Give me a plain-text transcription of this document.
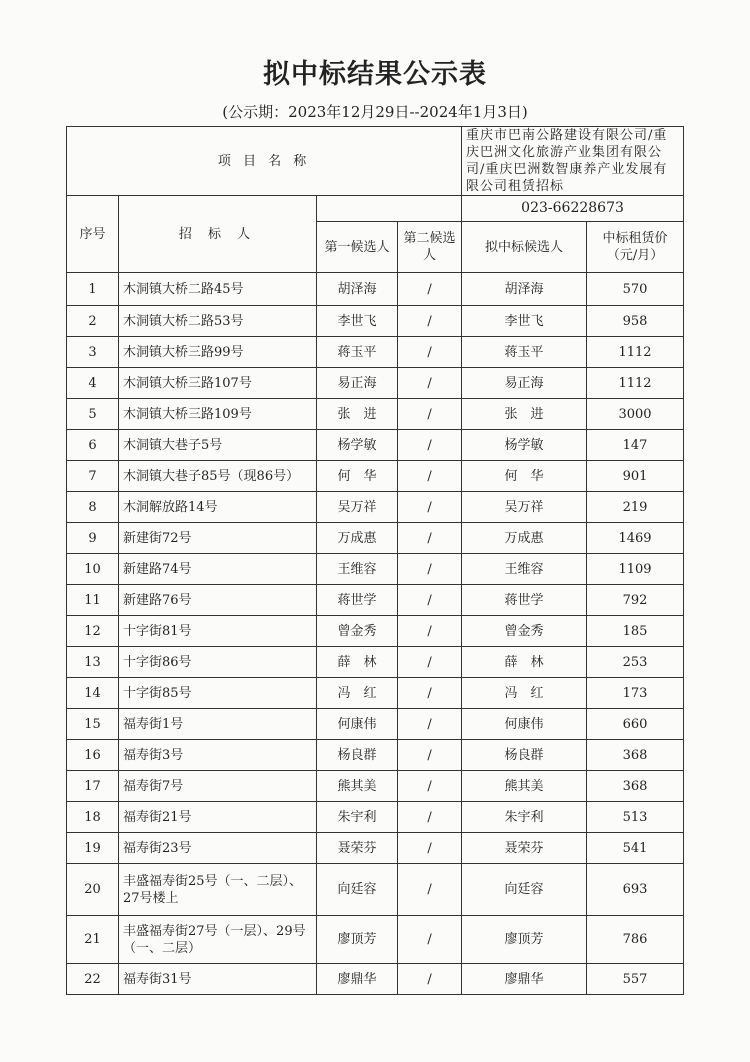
拟中标结果公示表
(公示期：2023年12月29日--2024年1月3日)
项 目 名 称				重庆市巴南公路建设有限公司/重庆巴洲文化旅游产业集团有限公司/重庆巴洲数智康养产业发展有限公司租赁招标	
序号	招 标 人			023-66228673	
		第一候选人	第二候选人	拟中标候选人	中标租赁价（元/月）
1	木洞镇大桥二路45号	胡泽海	/	胡泽海	570
2	木洞镇大桥二路53号	李世飞	/	李世飞	958
3	木洞镇大桥三路99号	蒋玉平	/	蒋玉平	1112
4	木洞镇大桥三路107号	易正海	/	易正海	1112
5	木洞镇大桥三路109号	张　进	/	张　进	3000
6	木洞镇大巷子5号	杨学敏	/	杨学敏	147
7	木洞镇大巷子85号（现86号）	何　华	/	何　华	901
8	木洞解放路14号	吴万祥	/	吴万祥	219
9	新建街72号	万成惠	/	万成惠	1469
10	新建路74号	王维容	/	王维容	1109
11	新建路76号	蒋世学	/	蒋世学	792
12	十字街81号	曾金秀	/	曾金秀	185
13	十字街86号	薛　林	/	薛　林	253
14	十字街85号	冯　红	/	冯　红	173
15	福寿街1号	何康伟	/	何康伟	660
16	福寿街3号	杨良群	/	杨良群	368
17	福寿街7号	熊其美	/	熊其美	368
18	福寿街21号	朱宇利	/	朱宇利	513
19	福寿街23号	聂荣芬	/	聂荣芬	541
20	丰盛福寿街25号（一、二层）、27号楼上	向廷容	/	向廷容	693
21	丰盛福寿街27号（一层）、29号（一、二层）	廖顶芳	/	廖顶芳	786
22	福寿街31号	廖鼎华	/	廖鼎华	557
